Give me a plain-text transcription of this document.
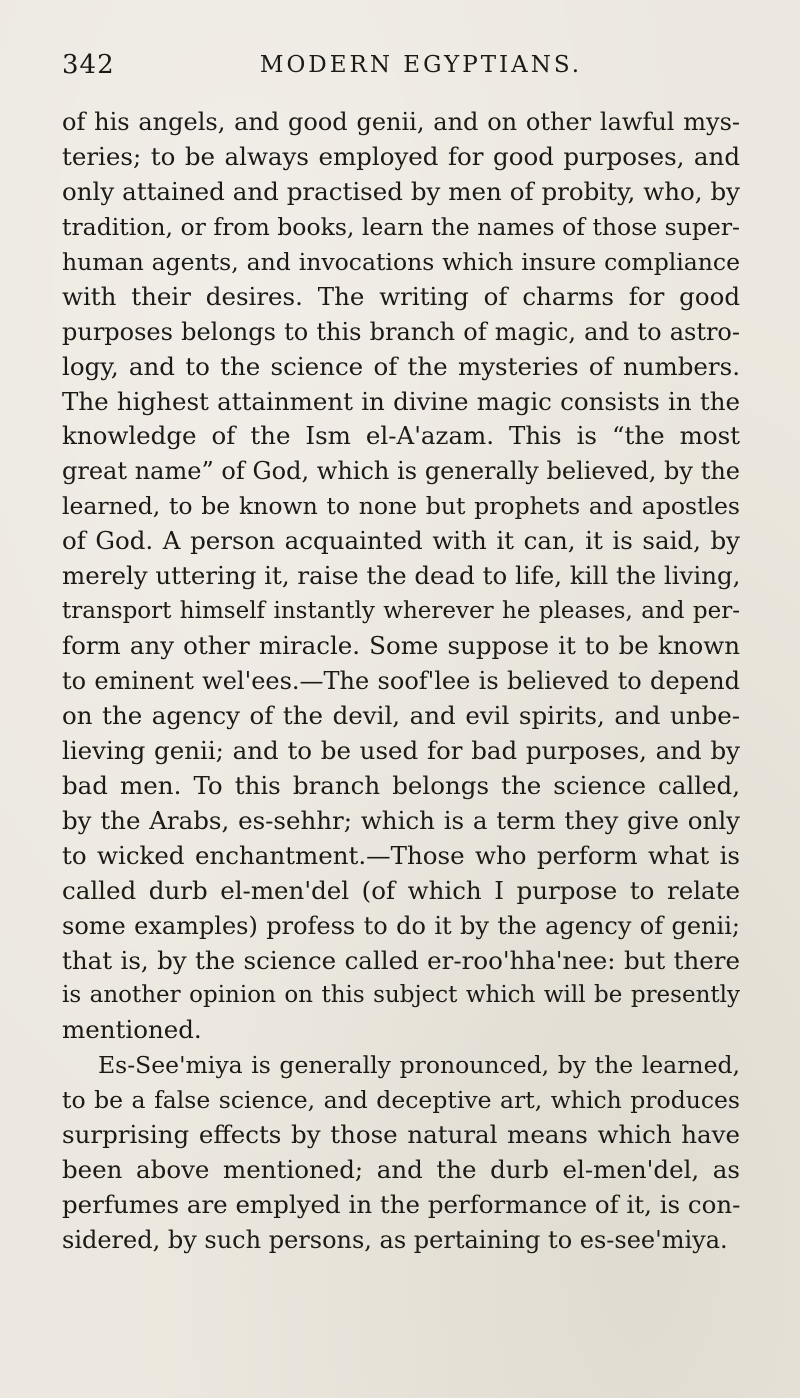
342	MODERN EGYPTIANS.
of his angels, and good genii, and on other lawful mys-
teries; to be always employed for good purposes, and
only attained and practised by men of probity, who, by
tradition, or from books, learn the names of those super-
human agents, and invocations which insure compliance
with their desires. The writing of charms for good
purposes belongs to this branch of magic, and to astro-
logy, and to the science of the mysteries of numbers.
The highest attainment in divine magic consists in the
knowledge of the Ism el-A'azam. This is “the most
great name” of God, which is generally believed, by the
learned, to be known to none but prophets and apostles
of God. A person acquainted with it can, it is said, by
merely uttering it, raise the dead to life, kill the living,
transport himself instantly wherever he pleases, and per-
form any other miracle. Some suppose it to be known
to eminent wel'ees.—The soof'lee is believed to depend
on the agency of the devil, and evil spirits, and unbe-
lieving genii; and to be used for bad purposes, and by
bad men. To this branch belongs the science called,
by the Arabs, es-sehhr; which is a term they give only
to wicked enchantment.—Those who perform what is
called durb el-men'del (of which I purpose to relate
some examples) profess to do it by the agency of genii;
that is, by the science called er-roo'hha'nee: but there
is another opinion on this subject which will be presently
mentioned.
Es-See'miya is generally pronounced, by the learned,
to be a false science, and deceptive art, which produces
surprising effects by those natural means which have
been above mentioned; and the durb el-men'del, as
perfumes are emplyed in the performance of it, is con-
sidered, by such persons, as pertaining to es-see'miya.
